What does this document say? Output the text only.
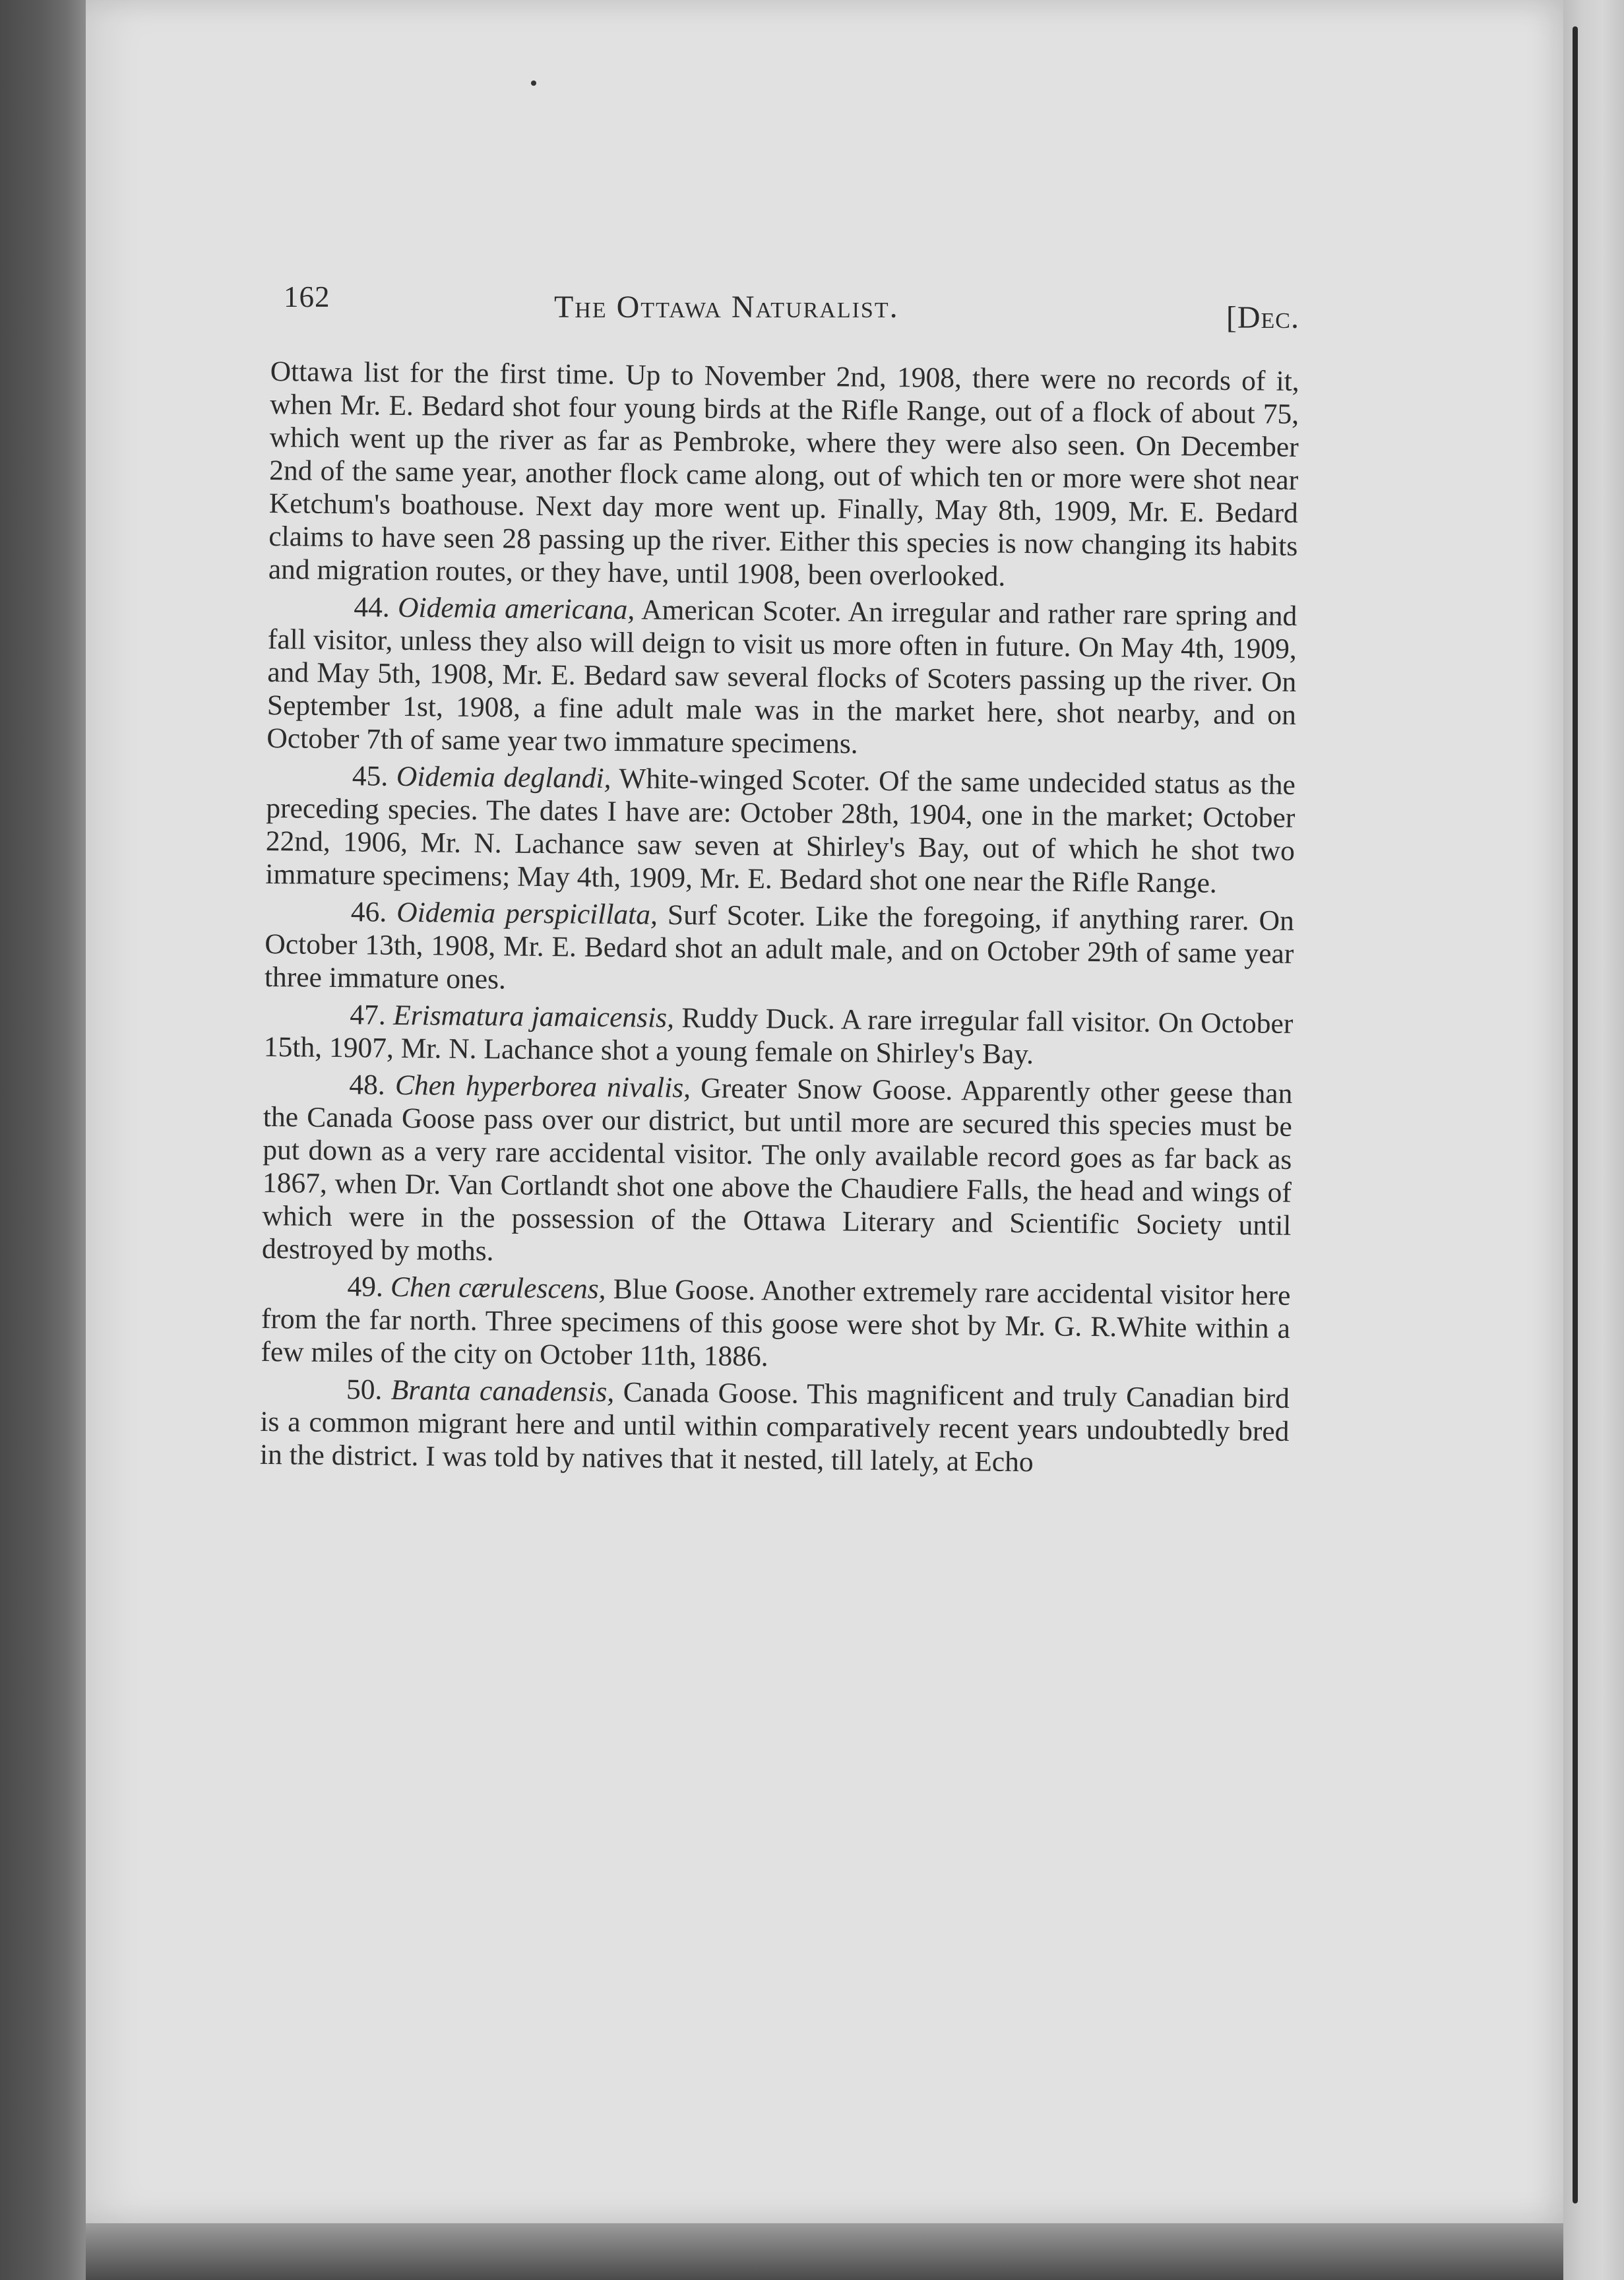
162	The Ottawa Naturalist.	[Dec.

Ottawa list for the first time. Up to November 2nd, 1908, there were no records of it, when Mr. E. Bedard shot four young birds at the Rifle Range, out of a flock of about 75, which went up the river as far as Pembroke, where they were also seen. On December 2nd of the same year, another flock came along, out of which ten or more were shot near Ketchum's boathouse. Next day more went up. Finally, May 8th, 1909, Mr. E. Bedard claims to have seen 28 passing up the river. Either this species is now changing its habits and migration routes, or they have, until 1908, been overlooked.

44. Oidemia americana, American Scoter. An irregular and rather rare spring and fall visitor, unless they also will deign to visit us more often in future. On May 4th, 1909, and May 5th, 1908, Mr. E. Bedard saw several flocks of Scoters passing up the river. On September 1st, 1908, a fine adult male was in the market here, shot nearby, and on October 7th of same year two immature specimens.

45. Oidemia deglandi, White-winged Scoter. Of the same undecided status as the preceding species. The dates I have are: October 28th, 1904, one in the market; October 22nd, 1906, Mr. N. Lachance saw seven at Shirley's Bay, out of which he shot two immature specimens; May 4th, 1909, Mr. E. Bedard shot one near the Rifle Range.

46. Oidemia perspicillata, Surf Scoter. Like the foregoing, if anything rarer. On October 13th, 1908, Mr. E. Bedard shot an adult male, and on October 29th of same year three immature ones.

47. Erismatura jamaicensis, Ruddy Duck. A rare irregular fall visitor. On October 15th, 1907, Mr. N. Lachance shot a young female on Shirley's Bay.

48. Chen hyperborea nivalis, Greater Snow Goose. Apparently other geese than the Canada Goose pass over our district, but until more are secured this species must be put down as a very rare accidental visitor. The only available record goes as far back as 1867, when Dr. Van Cortlandt shot one above the Chaudiere Falls, the head and wings of which were in the possession of the Ottawa Literary and Scientific Society until destroyed by moths.

49. Chen cærulescens, Blue Goose. Another extremely rare accidental visitor here from the far north. Three specimens of this goose were shot by Mr. G. R.White within a few miles of the city on October 11th, 1886.

50. Branta canadensis, Canada Goose. This magnificent and truly Canadian bird is a common migrant here and until within comparatively recent years undoubtedly bred in the district. I was told by natives that it nested, till lately, at Echo
